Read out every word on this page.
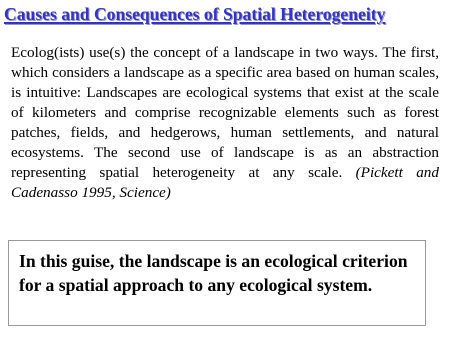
Causes and Consequences of Spatial Heterogeneity

Ecolog(ists) use(s) the concept of a landscape in two ways. The first, which considers a landscape as a specific area based on human scales, is intuitive: Landscapes are ecological systems that exist at the scale of kilometers and comprise recognizable elements such as forest patches, fields, and hedgerows, human settlements, and natural ecosystems. The second use of landscape is as an abstraction representing spatial heterogeneity at any scale. (Pickett and Cadenasso 1995, Science)

In this guise, the landscape is an ecological criterion for a spatial approach to any ecological system.
